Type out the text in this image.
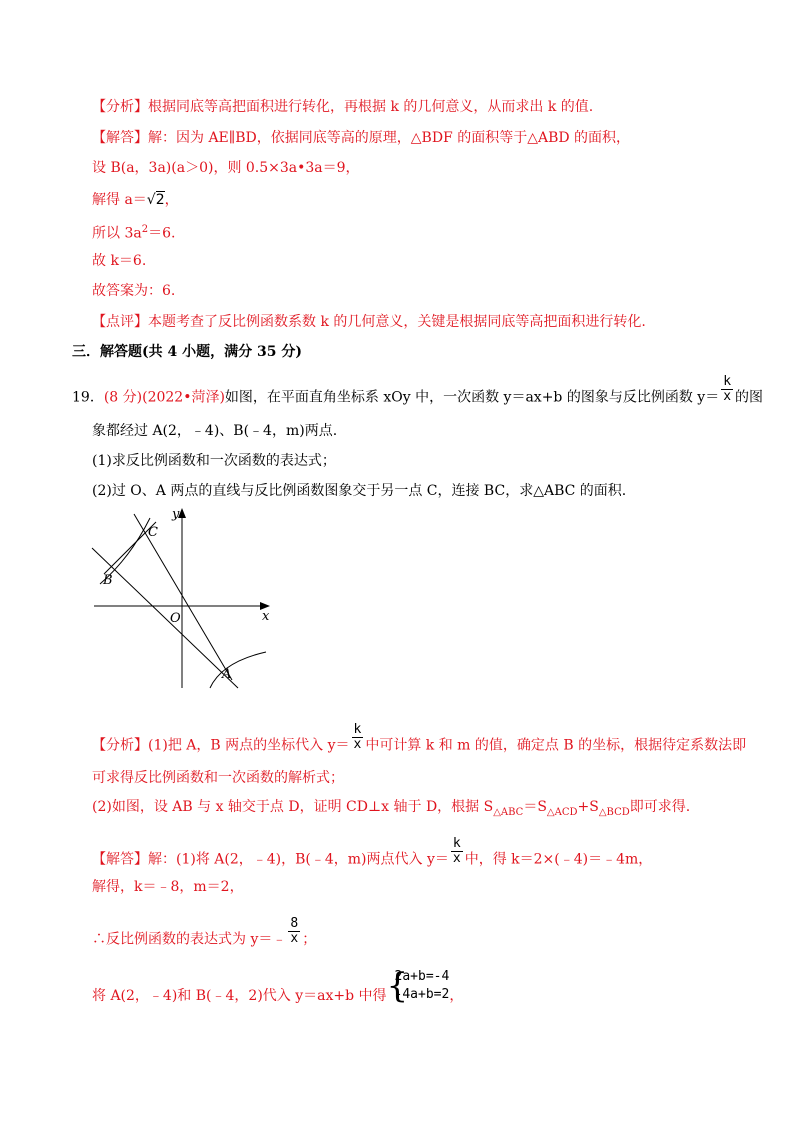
【分析】根据同底等高把面积进行转化，再根据 k 的几何意义，从而求出 k 的值.
【解答】解：因为 AE∥BD，依据同底等高的原理，△BDF 的面积等于△ABD 的面积，
设 B(a，3a)(a＞0)，则 0.5×3a•3a＝9，
解得 a＝√2，
所以 $3a^2=6$.
故 k＝6.
故答案为：6.
【点评】本题考查了反比例函数系数 k 的几何意义，关键是根据同底等高把面积进行转化.
三．解答题(共 4 小题，满分 35 分)
19．(8 分)(2022•菏泽)如图，在平面直角坐标系 xOy 中，一次函数 y＝ax+b 的图象与反比例函数 $y= \frac{k}{x}$ 的图
象都经过 A(2，﹣4)、B(﹣4，m)两点.
(1)求反比例函数和一次函数的表达式；
(2)过 O、A 两点的直线与反比例函数图象交于另一点 C，连接 BC，求△ABC 的面积.
y
x
O
A
B
C
【分析】(1)把 A，B 两点的坐标代入 $y= \frac{k}{x}$ 中可计算 k 和 m 的值，确定点 B 的坐标，根据待定系数法即
可求得反比例函数和一次函数的解析式；
(2)如图，设 AB 与 x 轴交于点 D，证明 CD⊥x 轴于 D，根据 $S_{\triangle ABC}=S_{\triangle ACD}+S_{\triangle BCD}$即可求得.
【解答】解：(1)将 A(2，﹣4)，B(﹣4，m)两点代入 $y= \frac{k}{x}$ 中，得 k＝2×(﹣4)＝﹣4m，
解得，k＝﹣8，m＝2，
∴反比例函数的表达式为 y＝﹣ $\frac{8}{x}$ ；
将 A(2，﹣4)和 B(﹣4，2)代入 y＝ax+b 中得 {
2a+b=-4
-4a+b=2 ，
